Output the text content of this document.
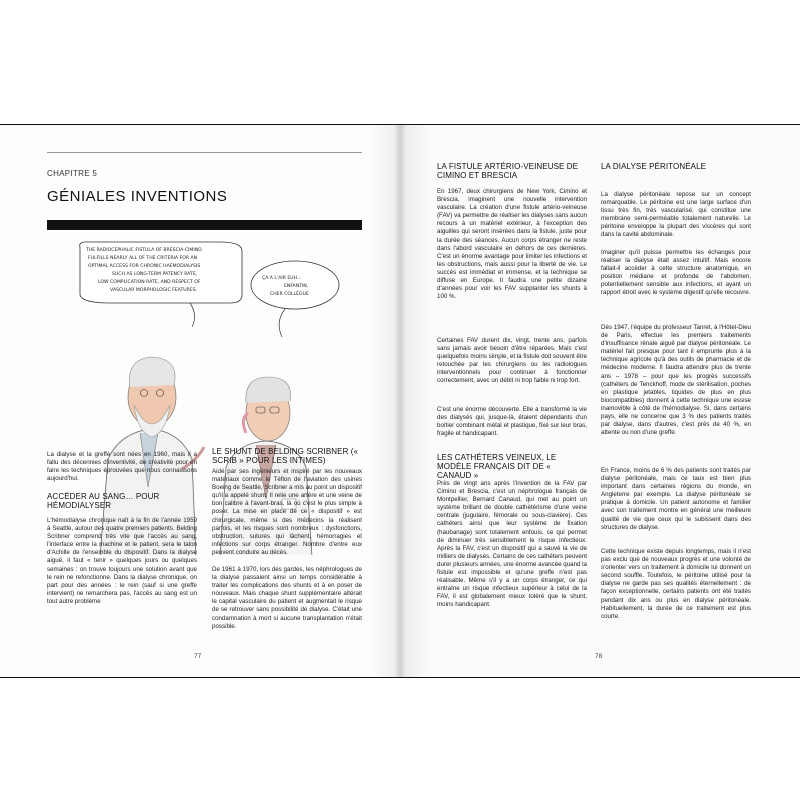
CHAPITRE 5
GÉNIALES INVENTIONS
THE RADIOCEPHALIC FISTULA OF BRESCIA-CIMINO
FULFILLS NEARLY ALL OF THE CRITERIA FOR AN
OPTIMAL ACCESS FOR CHRONIC HAEMODIALYSIS
SUCH AS LONG-TERM PATENCY RATE,
LOW COMPLICATION RATE, AND RESPECT OF
VASCULAR MORPHOLOGIC FEATURES.
ÇA A L'AIR EUH...
ENFANTIN,
CHER COLLÈGUE
La dialyse et la greffe sont nées en 1960, mais il a fallu des décennies d'inventivité, de créativité pour en faire les techniques éprouvées que nous connaissons aujourd'hui.
ACCÉDER AU SANG… POUR HÉMODIALYSER
L'hémodialyse chronique naît à la fin de l'année 1959 à Seattle, autour des quatre premiers patients. Belding Scribner comprend très vite que l'accès au sang, l'interface entre la machine et le patient, sera le talon d'Achille de l'ensemble du dispositif. Dans la dialyse aiguë, il faut « tenir » quelques jours ou quelques semaines : on trouve toujours une solution avant que le rein ne refonctionne. Dans la dialyse chronique, on part pour des années : le rein (sauf si une greffe intervient) ne remarchera pas, l'accès au sang est un tout autre problème
LE SHUNT DE BELDING SCRIBNER (« SCRIB » POUR LES INTIMES)
Aidé par ses ingénieurs et inspiré par les nouveaux matériaux comme le Téflon de l'aviation des usines Boeing de Seattle, Scribner a mis au point un dispositif qu'il a appelé shunt. Il relie une artère et une veine de bon calibre à l'avant-bras, là où c'est le plus simple à poser. La mise en place de ce « dispositif » est chirurgicale, même si des médecins la réalisent parfois, et les risques sont nombreux : dysfonctions, obstruction, sutures qui lâchent, hémorragies et infections sur corps étranger. Nombre d'entre eux peuvent conduire au décès.
De 1961 à 1970, lors des gardes, les néphrologues de la dialyse passaient ainsi un temps considérable à traiter les complications des shunts et à en poser de nouveaux. Mais chaque shunt supplémentaire altérait le capital vasculaire du patient et augmentait le risque de se retrouver sans possibilité de dialyse. C'était une condamnation à mort si aucune transplantation n'était possible.
77
LA FISTULE ARTÉRIO-VEINEUSE DE CIMINO ET BRESCIA
En 1967, deux chirurgiens de New York, Cimino et Brescia, imaginent une nouvelle intervention vasculaire. La création d'une fistule artério-veineuse (FAV) va permettre de réaliser les dialyses sans aucun recours à un matériel extérieur, à l'exception des aiguilles qui seront insérées dans la fistule, juste pour la durée des séances. Aucun corps étranger ne reste dans l'abord vasculaire en dehors de ces dernières. C'est un énorme avantage pour limiter les infections et les obstructions, mais aussi pour la liberté de vie. Le succès est immédiat et immense, et la technique se diffuse en Europe. Il faudra une petite dizaine d'années pour voir les FAV supplanter les shunts à 100 %.
Certaines FAV durent dix, vingt, trente ans, parfois sans jamais avoir besoin d'être réparées. Mais c'est quelquefois moins simple, et la fistule doit souvent être retouchée par les chirurgiens ou les radiologues interventionnels pour continuer à fonctionner correctement, avec un débit ni trop faible ni trop fort.
C'est une énorme découverte. Elle a transformé la vie des dialysés qui, jusque-là, étaient dépendants d'un boîtier combinant métal et plastique, fixé sur leur bras, fragile et handicapant.
LES CATHÉTERS VEINEUX, LE MODÈLE FRANÇAIS DIT DE « CANAUD »
Près de vingt ans après l'invention de la FAV par Cimino et Brescia, c'est un néphrologue français de Montpellier, Bernard Canaud, qui met au point un système brillant de double cathétérisme d'une veine centrale (jugulaire, fémorale ou sous-clavière). Ces cathéters ainsi que leur système de fixation (haubanage) sont totalement enfouis, ce qui permet de diminuer très sensiblement le risque infectieux. Après la FAV, c'est un dispositif qui a sauvé la vie de milliers de dialysés. Certains de ces cathéters peuvent durer plusieurs années, une énorme avancée quand la fistule est impossible et qu'une greffe n'est pas réalisable. Même s'il y a un corps étranger, ce qui entraîne un risque infectieux supérieur à celui de la FAV, il est globalement mieux toléré que le shunt, moins handicapant.
LA DIALYSE PÉRITONÉALE
La dialyse péritonéale repose sur un concept remarquable. Le péritoine est une large surface d'un tissu très fin, très vascularisé, qui constitue une membrane semi-perméable totalement naturelle. Le péritoine enveloppe la plupart des viscères qui sont dans la cavité abdominale.
Imaginer qu'il puisse permettre les échanges pour réaliser la dialyse était assez intuitif. Mais encore fallait-il accéder à cette structure anatomique, en position médiane et profonde de l'abdomen, potentiellement sensible aux infections, et ayant un rapport étroit avec le système digestif qu'elle recouvre.
Dès 1947, l'équipe du professeur Tanret, à l'Hôtel-Dieu de Paris, effectue les premiers traitements d'insuffisance rénale aiguë par dialyse péritonéale. Le matériel fait presque pour tant il emprunte plus à la technique agricole qu'à des outils de pharmacie et de médecine moderne. Il faudra attendre plus de trente ans – 1978 – pour que les progrès successifs (cathéters de Tenckhoff, mode de stérilisation, poches en plastique jetables, liquides de plus en plus biocompatibles) donnent à cette technique une essise inamovible à côté de l'hémodialyse. Si, dans certains pays, elle ne concerne que 3 % des patients traités par dialyse, dans d'autres, c'est près de 40 %, en attente ou non d'une greffe.
En France, moins de 6 % des patients sont traités par dialyse péritonéale, mais ce taux est bien plus important dans certaines régions du monde, en Angleterre par exemple. La dialyse péritonéale se pratique à domicile. Un patient autonome et familier avec son traitement montre en général une meilleure qualité de vie que ceux qui le subissent dans des structures de dialyse.
Cette technique existe depuis longtemps, mais il n'est pas exclu que de nouveaux progrès et une volonté de s'orienter vers un traitement à domicile lui donnent un second souffle. Toutefois, le péritoine utilisé pour la dialyse ne garde pas ses qualités éternellement : de façon exceptionnelle, certains patients ont été traités pendant dix ans ou plus en dialyse péritonéale. Habituellement, la durée de ce traitement est plus courte.
78
